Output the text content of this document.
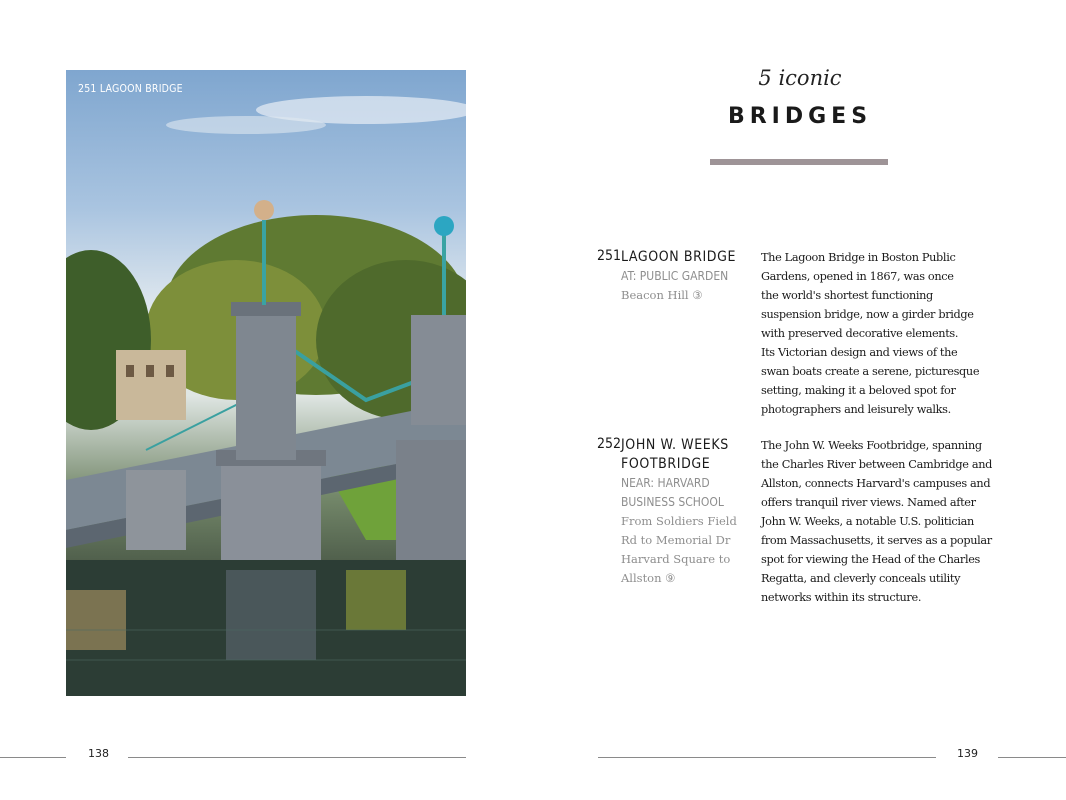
251 LAGOON BRIDGE	5 iconic
BRIDGES
251 LAGOON BRIDGE
AT: PUBLIC GARDEN
Beacon Hill ③
The Lagoon Bridge in Boston Public
Gardens, opened in 1867, was once
the world's shortest functioning
suspension bridge, now a girder bridge
with preserved decorative elements.
Its Victorian design and views of the
swan boats create a serene, picturesque
setting, making it a beloved spot for
photographers and leisurely walks.
252 JOHN W. WEEKS
FOOTBRIDGE
NEAR: HARVARD
BUSINESS SCHOOL
From Soldiers Field
Rd to Memorial Dr
Harvard Square to
Allston ⑨
The John W. Weeks Footbridge, spanning
the Charles River between Cambridge and
Allston, connects Harvard's campuses and
offers tranquil river views. Named after
John W. Weeks, a notable U.S. politician
from Massachusetts, it serves as a popular
spot for viewing the Head of the Charles
Regatta, and cleverly conceals utility
networks within its structure.
138	139
